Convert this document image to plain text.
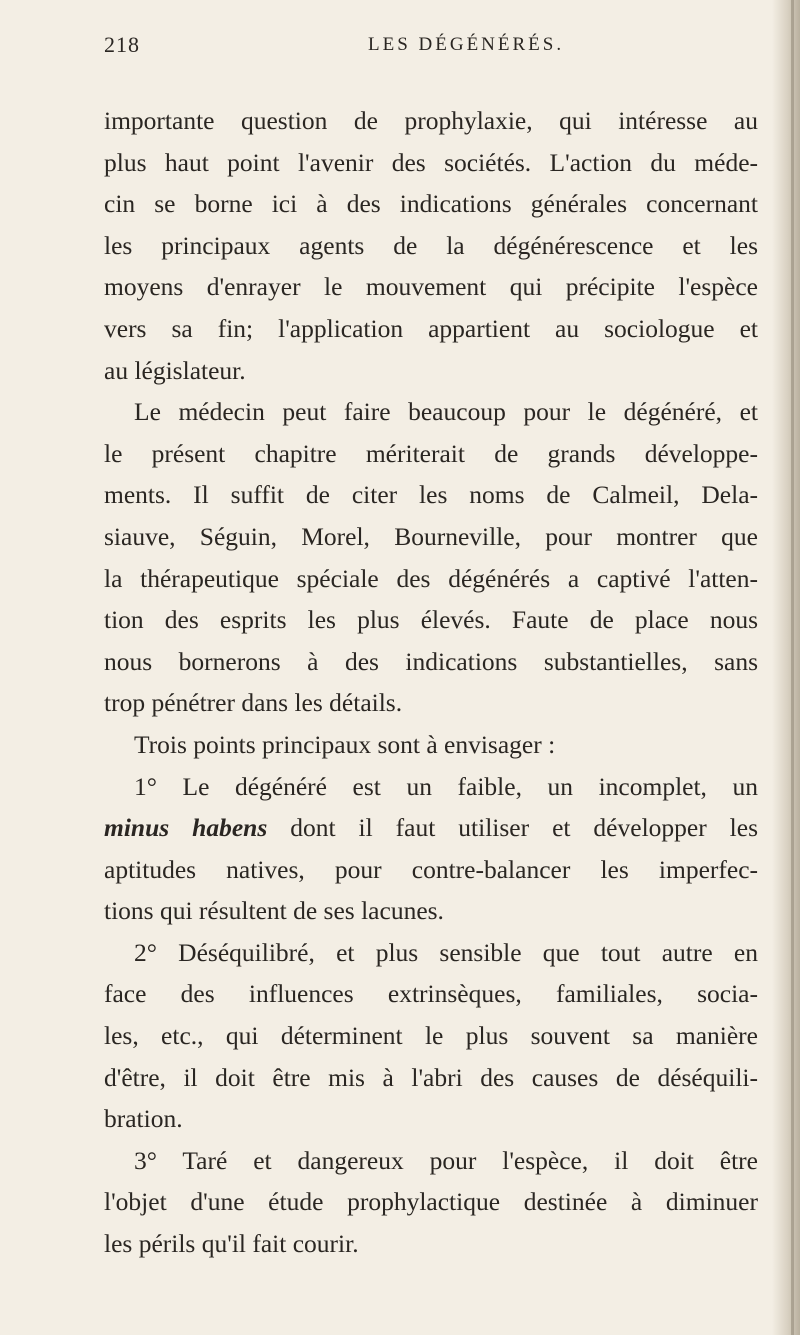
218	LES DÉGÉNÉRÉS.
importante question de prophylaxie, qui intéresse au
plus haut point l'avenir des sociétés. L'action du méde-
cin se borne ici à des indications générales concernant
les principaux agents de la dégénérescence et les
moyens d'enrayer le mouvement qui précipite l'espèce
vers sa fin; l'application appartient au sociologue et
au législateur.
Le médecin peut faire beaucoup pour le dégénéré, et
le présent chapitre mériterait de grands développe-
ments. Il suffit de citer les noms de Calmeil, Dela-
siauve, Séguin, Morel, Bourneville, pour montrer que
la thérapeutique spéciale des dégénérés a captivé l'atten-
tion des esprits les plus élevés. Faute de place nous
nous bornerons à des indications substantielles, sans
trop pénétrer dans les détails.
Trois points principaux sont à envisager :
1° Le dégénéré est un faible, un incomplet, un
minus habens dont il faut utiliser et développer les
aptitudes natives, pour contre-balancer les imperfec-
tions qui résultent de ses lacunes.
2° Déséquilibré, et plus sensible que tout autre en
face des influences extrinsèques, familiales, socia-
les, etc., qui déterminent le plus souvent sa manière
d'être, il doit être mis à l'abri des causes de déséquili-
bration.
3° Taré et dangereux pour l'espèce, il doit être
l'objet d'une étude prophylactique destinée à diminuer
les périls qu'il fait courir.
